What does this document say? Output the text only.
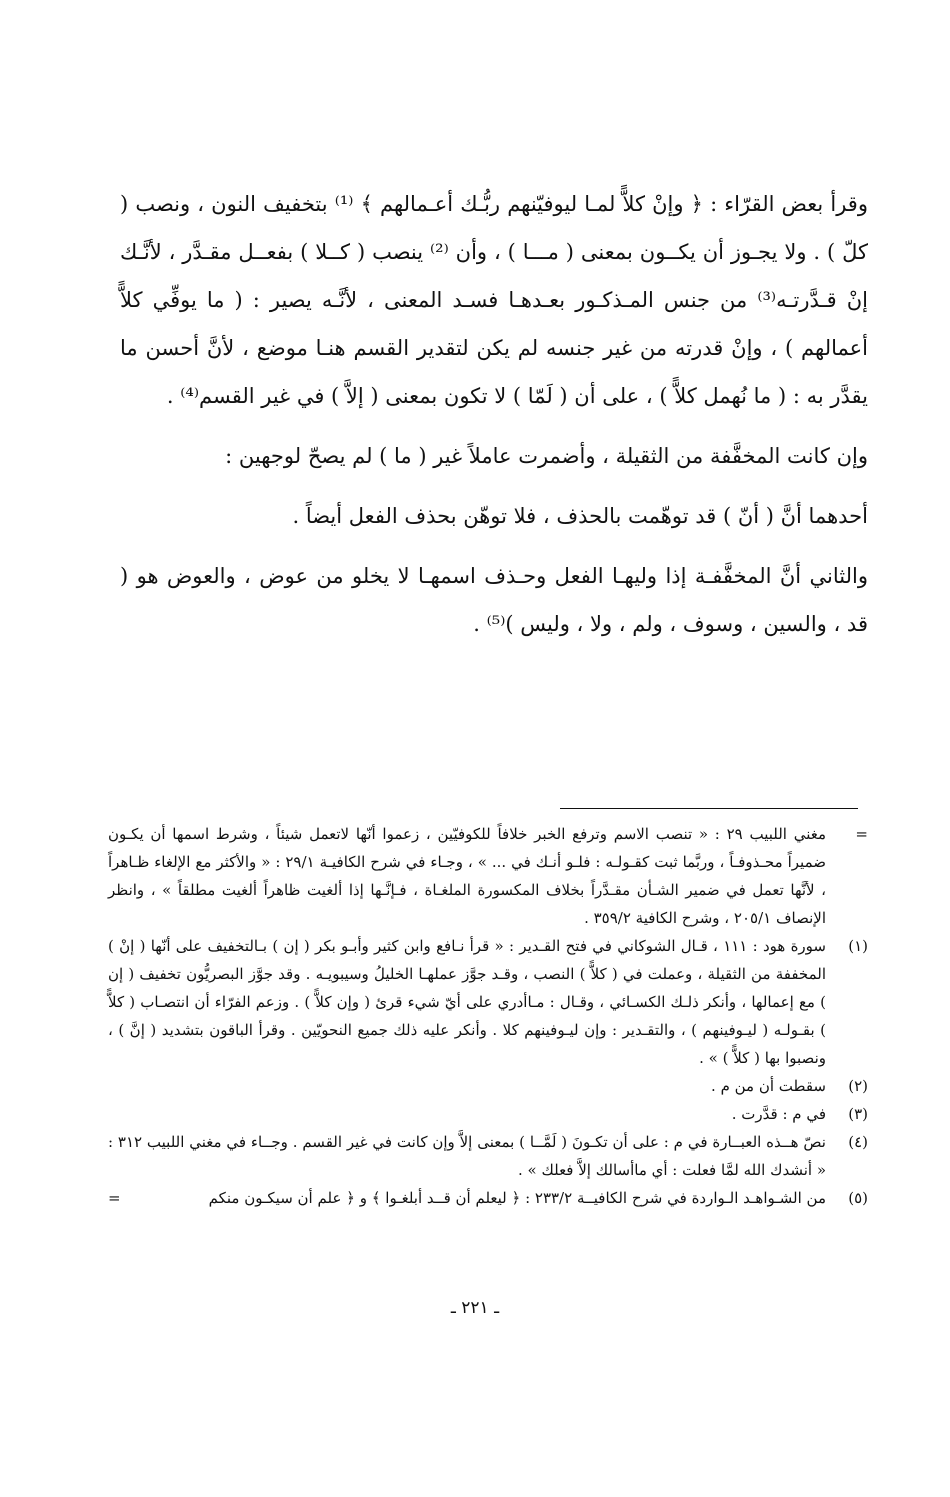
وقرأ بعض القرّاء : ﴿ وإنْ كلاًّ لمـا ليوفيّنهم ربُّـك أعـمالهم ﴾ ⁽¹⁾ بتخفيف النون ، ونصب ( كلّ ) . ولا يجـوز أن يكــون بمعنى ( مـــا ) ، وأن ⁽²⁾ ينصب ( كــلا ) بفعــل مقـدَّر ، لأنَّـك إنْ قـدَّرتـه⁽³⁾ من جنس المـذكـور بعـدهـا فسـد المعنى ، لأنَّـه يصير : ( ما يوفِّي كلاًّ أعمالهم ) ، وإنْ قدرته من غير جنسه لم يكن لتقدير القسم هنـا موضع ، لأنَّ أحسن ما يقدَّر به : ( ما نُهمل كلاًّ ) ، على أن ( لَمّا ) لا تكون بمعنى ( إلاَّ ) في غير القسم⁽⁴⁾ .

وإن كانت المخفَّفة من الثقيلة ، وأضمرت عاملاً غير ( ما ) لم يصحّ لوجهين :

أحدهما أنَّ ( أنّ ) قد توهّمت بالحذف ، فلا توهّن بحذف الفعل أيضاً .

والثاني أنَّ المخفَّفـة إذا وليهـا الفعل وحـذف اسمهـا لا يخلو من عوض ، والعوض هو ( قد ، والسين ، وسوف ، ولم ، ولا ، وليس )⁽⁵⁾ .

=
مغني اللبيب ٢٩ : « تنصب الاسم وترفع الخبر خلافاً للكوفيّين ، زعموا أنّها لاتعمل شيئاً ، وشرط اسمها أن يكـون ضميراً محـذوفـاً ، وربَّما ثبت كقـولـه : فلـو أنـك في ... » ، وجـاء في شرح الكافيـة ٢٩/١ : « والأكثر مع الإلغاء ظـاهراً ، لأنَّها تعمل في ضمير الشـأن مقـدَّراً بخلاف المكسورة الملغـاة ، فـإنَّـها إذا ألغيت ظاهراً ألغيت مطلقاً » ، وانظر الإنصاف ٢٠٥/١ ، وشرح الكافية ٣٥٩/٢ .
(١)
سورة هود : ١١١ ، قـال الشوكاني في فتح القـدير : « قرأ نـافع وابن كثير وأبـو بكر ( إن ) بـالتخفيف على أنّها ( إنْ ) المخففة من الثقيلة ، وعملت في ( كلاًّ ) النصب ، وقـد جوَّز عملهـا الخليلُ وسيبويـه . وقد جوَّز البصريُّون تخفيف ( إن ) مع إعمالها ، وأنكر ذلـك الكسـائي ، وقـال : مـاأدري على أيّ شيء قرئ ( وإن كلاًّ ) . وزعم الفرّاء أن انتصـاب ( كلاًّ ) بقـولـه ( ليـوفينهم ) ، والتقـدير : وإن ليـوفينهم كلا . وأنكر عليه ذلك جميع النحويّين . وقرأ الباقون بتشديد ( إنَّ ) ، ونصبوا بها ( كلاًّ ) » .
(٢)
سقطت أن من م .
(٣)
في م : قدَّرت .
(٤)
نصّ هــذه العبــارة في م : على أن تكـونَ ( لَمَّــا ) بمعنى إلاَّ وإن كانت في غير القسم . وجــاء في مغني اللبيب ٣١٢ : « أنشدك الله لمَّا فعلت : أي ماأسالك إلاَّ فعلك » .
(٥)
من الشـواهـد الـواردة في شرح الكافيــة ٢٣٣/٢ : ﴿ ليعلم أن قــد أبلغـوا ﴾ و ﴿ علم أن سيكـون منكم
=
ـ ٢٢١ ـ
